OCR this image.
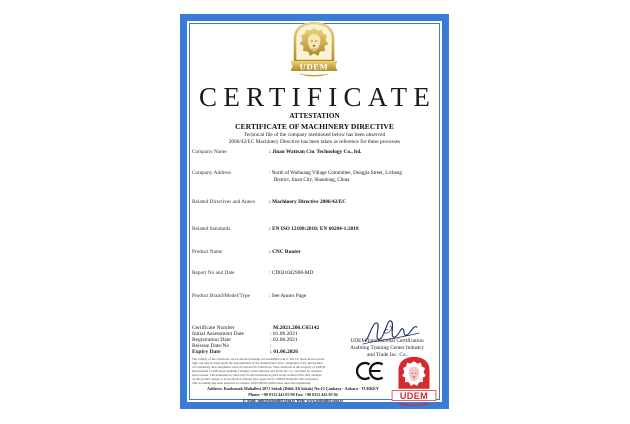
UDEM
CERTIFICATE
ATTESTATION
CERTIFICATE OF MACHINERY DIRECTIVE
Technical file of the company mentioned below has been observed
2006/42/EC Machinery Directive has been taken as reference for these processes
Company Name	: Jinan Wattsan Cnc Technology Co., ltd.
Company Address	: North of Waihuang Village Committee, Dongjia Street, Licheng
District, Jinan City, Shandong, China
Related Directives and Annex	: Machinery Directive 2006/42/EC
Related Standards	: EN ISO 12100:2010; EN 60204-1:2018
Product Name	: CNC Router
Report No and Date	: CD021042908-MD
Product Brand/Model/Type	: See Annex Page
Certificate Number	M.2021.206.C65142
Initial Assessment Date	: 01.06.2021
Registration Date	: 02.06.2021
Reissue Date/No	:
Expiry Date	: 01.06.2026
UDEM International Certification
Auditing Training Center Industry
and Trade Inc. Co.
The validity of the certificate can be checked through www.udemltd.com.tr. The CE mark shown on the
right can only be used under the responsibility of the manufacturer after completion of EC Declaration
of Conformity and compliance with all relevant EC Directives. This certificate is the property of UDEM
International Certification Auditing Training Center Industry and Trade Inc. Co. and must be returned
upon request. The attestation is valid only for the information given in the technical file. Any changes
on the product design or its production without prior approval by UDEM invalidate this attestation.
This document has been issued in accordance with UDEM certification rules and regulations.
UDEM
Address: Kızılırmak Mahallesi 2071 Sokak (Dilek Ali Sokak) No:12 Çankaya - Ankara - TURKEY
Phone: +90 0312 443 03 90 Fax: +90 0312 443 03 94
E-Mail: info@udemltd.com.tr Web: www.udemltd.com.tr
